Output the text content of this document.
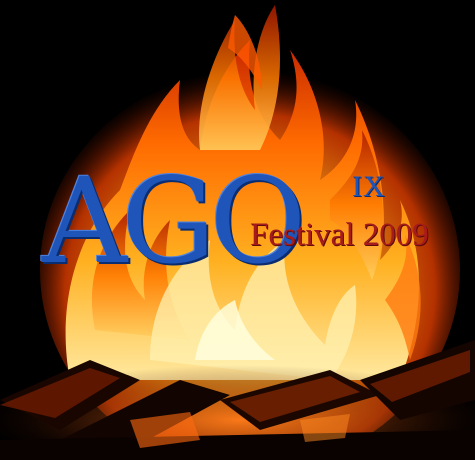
AGO IX
Festival 2009
